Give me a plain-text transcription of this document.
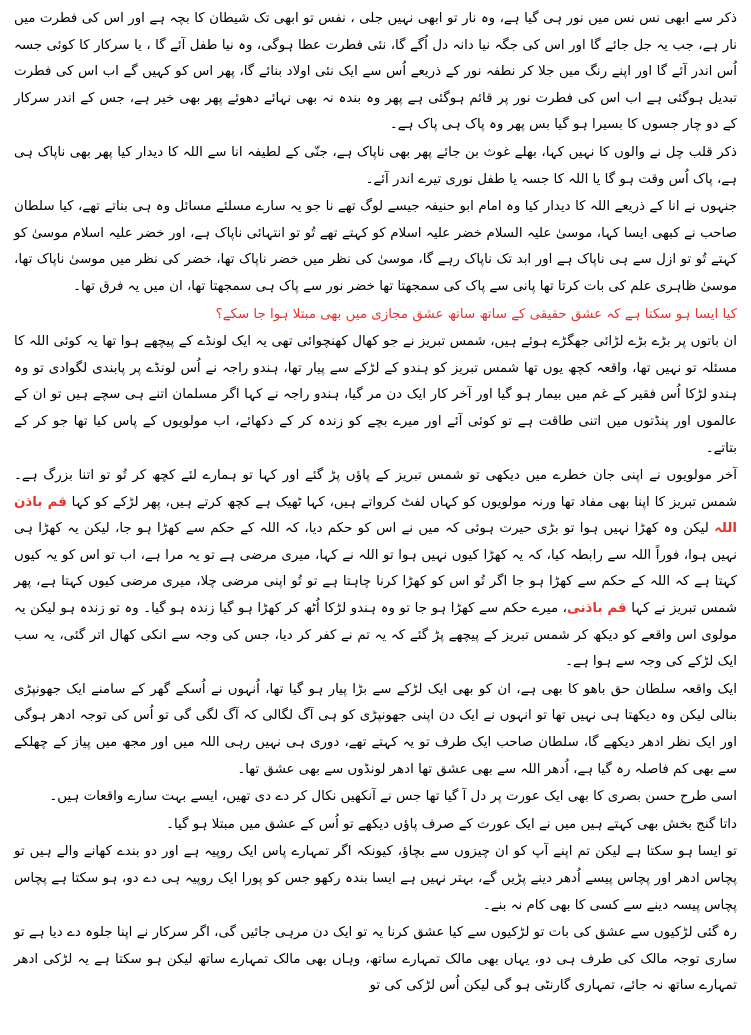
ذکر سے ابھی نس نس میں نور ہی گیا ہے، وہ نار تو ابھی نہیں جلی ، نفس تو ابھی تک شیطان کا بچہ ہے اور اس کی فطرت میں نار ہے، جب یہ جل جائے گا اور اس کی جگہ نیا دانہ دل اُگے گا، نئی فطرت عطا ہوگی، وہ نیا طفل آئے گا ، یا سرکار کا کوئی جسہ اُس اندر آئے گا اور اپنے رنگ میں جلا کر نطفہ نور کے ذریعے اُس سے ایک نئی اولاد بنائے گا، پھر اس کو کہیں گے اب اس کی فطرت تبدیل ہوگئی ہے اب اس کی فطرت نور پر قائم ہوگئی ہے پھر وہ بندہ نہ بھی نہائے دھوئے پھر بھی خیر ہے، جس کے اندر سرکار کے دو چار جسوں کا بسیرا ہو گیا بس پھر وہ پاک ہی پاک ہے۔

ذکر قلب چل نے والوں کا نہیں کہا، بھلے غوث بن جائے پھر بھی ناپاک ہے، جنّی کے لطیفہ انا سے اللہ کا دیدار کیا پھر بھی ناپاک ہی ہے، پاک اُس وقت ہو گا یا اللہ کا جسہ یا طفل نوری تیرے اندر آئے۔

جنہوں نے انا کے ذریعے اللہ کا دیدار کیا وہ امام ابو حنیفہ جیسے لوگ تھے نا جو یہ سارے مسلئے مسائل وہ ہی بناتے تھے، کیا سلطان صاحب نے کبھی ایسا کہا، موسیٰ علیہ السلام خضر علیہ اسلام کو کہتے تھے تُو تو انتہائی ناپاک ہے، اور خضر علیہ اسلام موسیٰ کو کہتے تُو تو ازل سے ہی ناپاک ہے اور ابد تک ناپاک رہے گا، موسیٰ کی نظر میں خضر ناپاک تھا، خضر کی نظر میں موسیٰ ناپاک تھا، موسیٰ ظاہری علم کی بات کرتا تھا پانی سے پاک کی سمجھتا تھا خضر نور سے پاک ہی سمجھتا تھا، ان میں یہ فرق تھا۔

کیا ایسا ہو سکتا ہے کہ عشق حقیقی کے ساتھ ساتھ عشق مجازی میں بھی مبتلا ہوا جا سکے؟

ان باتوں پر بڑے بڑے لڑائی جھگڑے ہوئے ہیں، شمس تبریز نے جو کھال کھنچوائی تھی یہ ایک لونڈے کے پیچھے ہوا تھا یہ کوئی اللہ کا مسئلہ تو نہیں تھا، واقعہ کچھ یوں تھا شمس تبریز کو ہندو کے لڑکے سے پیار تھا، ہندو راجہ نے اُس لونڈے پر پابندی لگوادی تو وہ ہندو لڑکا اُس فقیر کے غم میں بیمار ہو گیا اور آخر کار ایک دن مر گیا، ہندو راجہ نے کہا اگر مسلمان اتنے ہی سچے ہیں تو ان کے عالموں اور پنڈتوں میں اتنی طاقت ہے تو کوئی آئے اور میرے بچے کو زندہ کر کے دکھائے، اب مولویوں کے پاس کیا تھا جو کر کے بتاتے۔

آخر مولویوں نے اپنی جان خطرے میں دیکھی تو شمس تبریز کے پاؤں پڑ گئے اور کہا تو ہمارے لئے کچھ کر تُو تو اتنا بزرگ ہے۔ شمس تبریز کا اپنا بھی مفاد تھا ورنہ مولویوں کو کہاں لفٹ کرواتے ہیں، کہا ٹھیک ہے کچھ کرتے ہیں، پھر لڑکے کو کہا قم باذن اللہ لیکن وہ کھڑا نہیں ہوا تو بڑی حیرت ہوئی کہ میں نے اس کو حکم دیا، کہ اللہ کے حکم سے کھڑا ہو جا، لیکن یہ کھڑا ہی نہیں ہوا، فوراً اللہ سے رابطہ کیا، کہ یہ کھڑا کیوں نہیں ہوا تو اللہ نے کہا، میری مرضی ہے تو یہ مرا ہے، اب تو اس کو یہ کیوں کہتا ہے کہ اللہ کے حکم سے کھڑا ہو جا اگر تُو اس کو کھڑا کرنا چاہتا ہے تو تُو اپنی مرضی چلا، میری مرضی کیوں کہتا ہے، پھر شمس تبریز نے کہا قم باذنی، میرے حکم سے کھڑا ہو جا تو وہ ہندو لڑکا اُٹھ کر کھڑا ہو گیا زندہ ہو گیا۔ وہ تو زندہ ہو لیکن یہ مولوی اس واقعے کو دیکھ کر شمس تبریز کے پیچھے پڑ گئے کہ یہ تم نے کفر کر دیا، جس کی وجہ سے انکی کھال اتر گئی، یہ سب ایک لڑکے کی وجہ سے ہوا ہے۔

ایک واقعہ سلطان حق باھو کا بھی ہے، ان کو بھی ایک لڑکے سے بڑا پیار ہو گیا تھا، اُنہوں نے اُسکے گھر کے سامنے ایک جھونپڑی بنالی لیکن وہ دیکھتا ہی نہیں تھا تو انہوں نے ایک دن اپنی جھونپڑی کو ہی آگ لگالی کہ آگ لگی گی تو اُس کی توجہ ادھر ہوگی اور ایک نظر ادھر دیکھے گا، سلطان صاحب ایک طرف تو یہ کہتے تھے، دوری ہی نہیں رہی اللہ میں اور مجھ میں پیاز کے چھلکے سے بھی کم فاصلہ رہ گیا ہے، اُدھر اللہ سے بھی عشق تھا ادھر لونڈوں سے بھی عشق تھا۔

اسی طرح حسن بصری کا بھی ایک عورت پر دل آ گیا تھا جس نے آنکھیں نکال کر دے دی تھیں، ایسے بہت سارے واقعات ہیں۔

داتا گنج بخش بھی کہتے ہیں میں نے ایک عورت کے صرف پاؤں دیکھے تو اُس کے عشق میں مبتلا ہو گیا۔

تو ایسا ہو سکتا ہے لیکن تم اپنے آپ کو ان چیزوں سے بچاؤ، کیونکہ اگر تمہارے پاس ایک روپیہ ہے اور دو بندے کھانے والے ہیں تو پچاس ادھر اور پچاس پیسے اُدھر دینے پڑیں گے، بہتر نہیں ہے ایسا بندہ رکھو جس کو پورا ایک روپیہ ہی دے دو، ہو سکتا ہے پچاس پچاس پیسہ دینے سے کسی کا بھی کام نہ بنے۔

رہ گئی لڑکیوں سے عشق کی بات تو لڑکیوں سے کیا عشق کرنا یہ تو ایک دن مرہی جائیں گی، اگر سرکار نے اپنا جلوہ دے دیا ہے تو ساری توجہ مالک کی طرف ہی دو، یہاں بھی مالک تمہارے ساتھ، وہاں بھی مالک تمہارے ساتھ لیکن ہو سکتا ہے یہ لڑکی ادھر تمہارے ساتھ نہ جائے، تمہاری گارنٹی ہو گی لیکن اُس لڑکی کی تو
